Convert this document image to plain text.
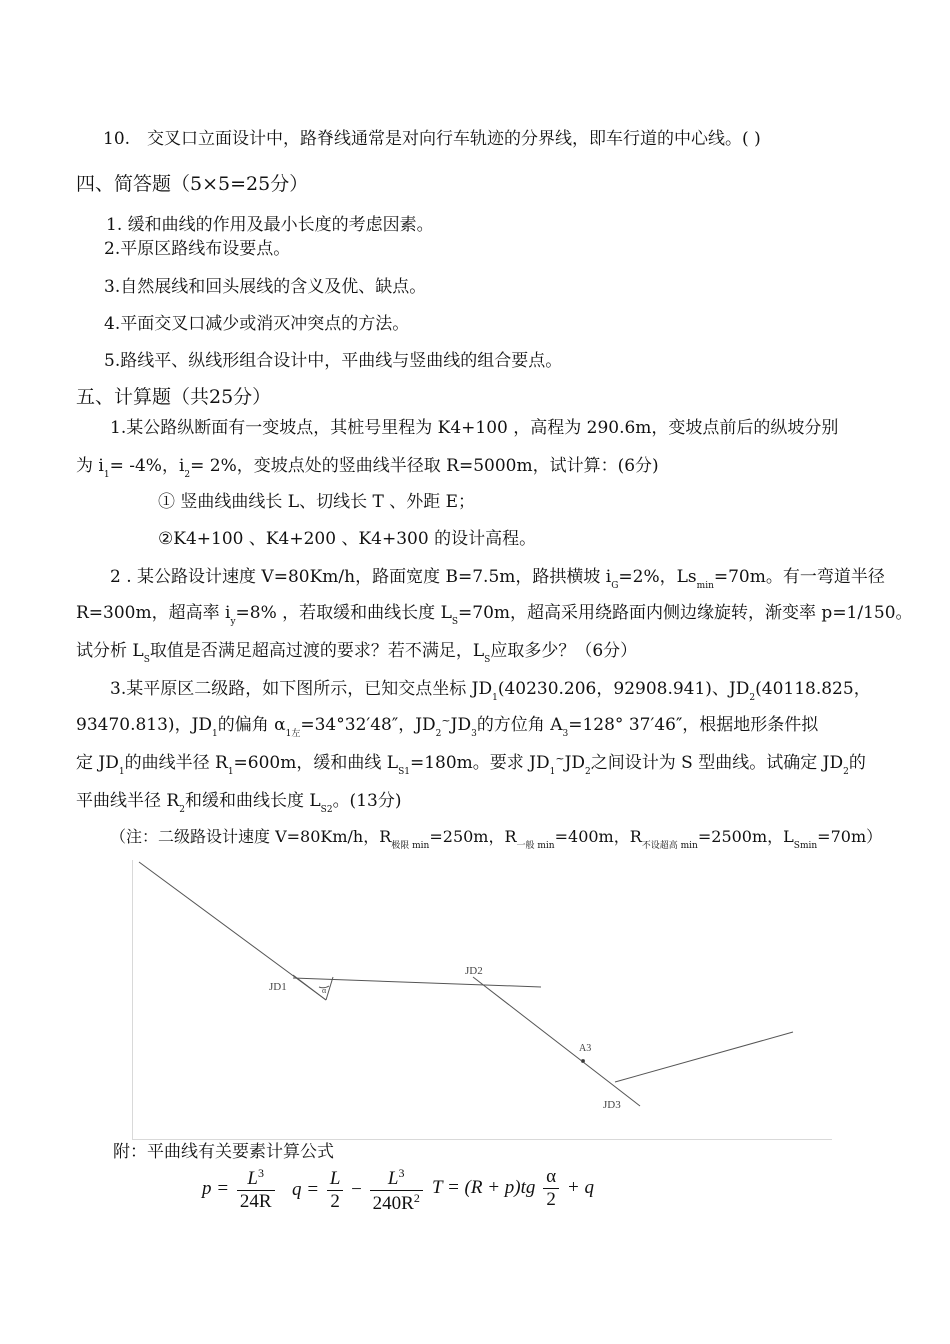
10.　交叉口立面设计中，路脊线通常是对向行车轨迹的分界线，即车行道的中心线。( )
四、简答题（5×5=25分）
1. 缓和曲线的作用及最小长度的考虑因素。
2.平原区路线布设要点。
3.自然展线和回头展线的含义及优、缺点。
4.平面交叉口减少或消灭冲突点的方法。
5.路线平、纵线形组合设计中，平曲线与竖曲线的组合要点。
五、计算题（共25分）
1.某公路纵断面有一变坡点，其桩号里程为 K4+100 ，高程为 290.6m，变坡点前后的纵坡分别
为 $i_1= -4\%$，$i_2= 2\%$，变坡点处的竖曲线半径取 R=5000m，试计算：(6分)
① 竖曲线曲线长 L、切线长 T 、外距 E；
②K4+100 、K4+200 、K4+300 的设计高程。
2 . 某公路设计速度 V=80Km/h，路面宽度 B=7.5m，路拱横坡 $i_G=2\%$，$Ls_{min}=70m$。有一弯道半径
R=300m，超高率 $i_y=8\%$ ，若取缓和曲线长度 $L_S=70m$，超高采用绕路面内侧边缘旋转，渐变率 p=1/150。
试分析 $L_S$取值是否满足超高过渡的要求？若不满足，$L_S$应取多少？（6分）
3.某平原区二级路，如下图所示，已知交点坐标 $JD_1(40230.206$，92908.941)、$JD_2(40118.825$，
93470.813)，$JD_1$的偏角 $\alpha_{1左}=34^\circ 32'48''$，$JD_2^\sim JD_3$的方位角 $A_3=128^\circ$ 37′46″，根据地形条件拟
定 $JD_1$的曲线半径 $R_1=600m$，缓和曲线 $L_{S1}=180m$。要求 $JD_1^\sim JD_2$之间设计为 S 型曲线。试确定 $JD_2$的
平曲线半径 $R_2$和缓和曲线长度 $L_{S2}$。(13分)
（注：二级路设计速度 V=80Km/h，$R_{极限 min}=250m$，$R_{一般 min}=400m$，$R_{不设超高 min}=2500m$，$L_{Smin}=70m$）
JD1
JD2
JD3
A3
α
附：平曲线有关要素计算公式
$p = \frac{L^3}{24R}$ $q = \frac{L}{2} - \frac{L^3}{240R^2}$ $T = (R + p)tg \frac{\alpha}{2} + q$
